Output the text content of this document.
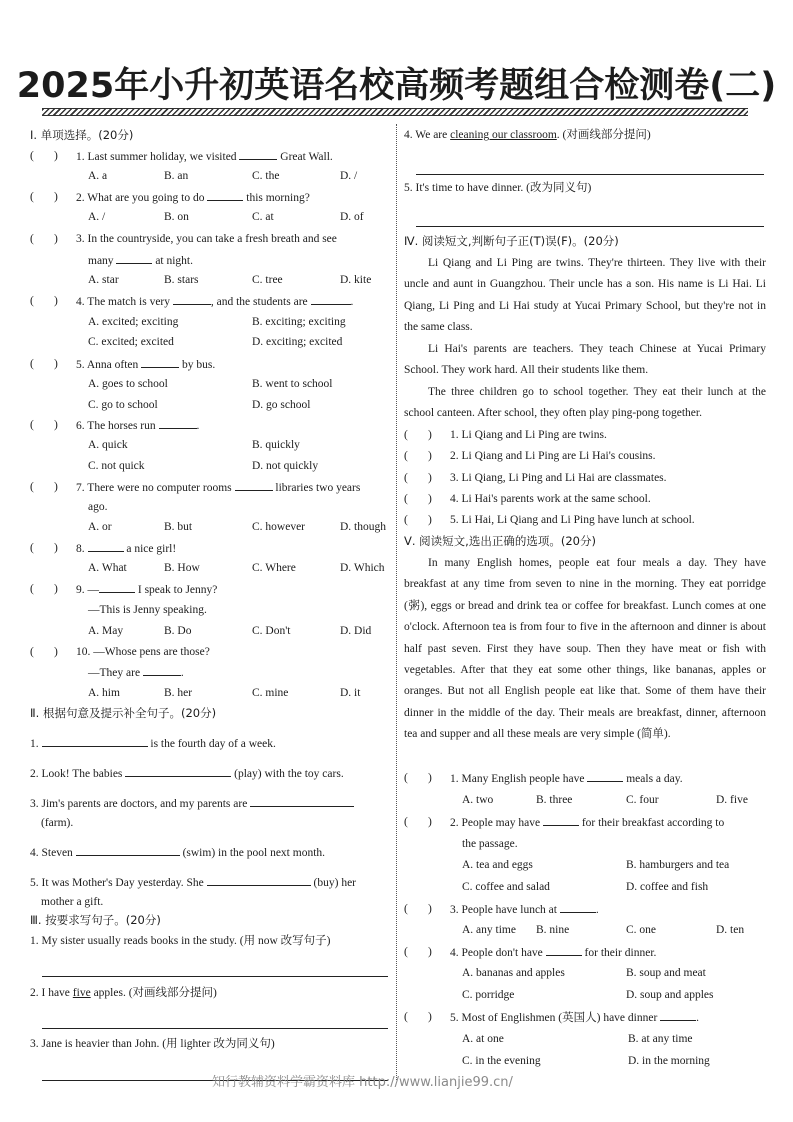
2025年小升初英语名校高频考题组合检测卷(二)
Ⅰ. 单项选择。(20分)
(       ) 1. Last summer holiday, we visited	Great Wall.
A. a	B. an	C. the	D. /
(       ) 2. What are you going to do	this morning?
A. /	B. on	C. at	D. of
(       ) 3. In the countryside, you can take a fresh breath and see
many	at night.
A. star	B. stars	C. tree	D. kite
(       ) 4. The match is very	, and the students are	.
A. excited; exciting	B. exciting; exciting
C. excited; excited	D. exciting; excited
(       ) 5. Anna often	by bus.
A. goes to school	B. went to school
C. go to school	D. go school
(       ) 6. The horses run	.
A. quick	B. quickly
C. not quick	D. not quickly
(       ) 7. There were no computer rooms	libraries two years
ago.
A. or	B. but	C. however	D. though
(       ) 8.	a nice girl!
A. What	B. How	C. Where	D. Which
(       ) 9. —	I speak to Jenny?
—This is Jenny speaking.
A. May	B. Do	C. Don't	D. Did
(       ) 10. —Whose pens are those?
—They are	.
A. him	B. her	C. mine	D. it
Ⅱ. 根据句意及提示补全句子。(20分)
1.	is the fourth day of a week.
2. Look! The babies	(play) with the toy cars.
3. Jim's parents are doctors, and my parents are
(farm).
4. Steven	(swim) in the pool next month.
5. It was Mother's Day yesterday. She	(buy) her
mother a gift.
Ⅲ. 按要求写句子。(20分)
1. My sister usually reads books in the study. (用 now 改写句子)
2. I have five apples. (对画线部分提问)
3. Jane is heavier than John. (用 lighter 改为同义句)
4. We are cleaning our classroom. (对画线部分提问)
5. It's time to have dinner. (改为同义句)
Ⅳ. 阅读短文,判断句子正(T)误(F)。(20分)
Li Qiang and Li Ping are twins. They're thirteen. They live with their uncle and aunt in Guangzhou. Their uncle has a son. His name is Li Hai. Li Qiang, Li Ping and Li Hai study at Yucai Primary School, but they're not in the same class.
Li Hai's parents are teachers. They teach Chinese at Yucai Primary School. They work hard. All their students like them.
The three children go to school together. They eat their lunch at the school canteen. After school, they often play ping-pong together.
(       ) 1. Li Qiang and Li Ping are twins.
(       ) 2. Li Qiang and Li Ping are Li Hai's cousins.
(       ) 3. Li Qiang, Li Ping and Li Hai are classmates.
(       ) 4. Li Hai's parents work at the same school.
(       ) 5. Li Hai, Li Qiang and Li Ping have lunch at school.
Ⅴ. 阅读短文,选出正确的选项。(20分)
In many English homes, people eat four meals a day. They have breakfast at any time from seven to nine in the morning. They eat porridge (粥), eggs or bread and drink tea or coffee for breakfast. Lunch comes at one o'clock. Afternoon tea is from four to five in the afternoon and dinner is about half past seven. First they have soup. Then they have meat or fish with vegetables. After that they eat some other things, like bananas, apples or oranges. But not all English people eat like that. Some of them have their dinner in the middle of the day. Their meals are breakfast, dinner, afternoon tea and supper and all these meals are very simple (简单).
(       ) 1. Many English people have	meals a day.
A. two	B. three	C. four	D. five
(       ) 2. People may have	for their breakfast according to
the passage.
A. tea and eggs	B. hamburgers and tea
C. coffee and salad	D. coffee and fish
(       ) 3. People have lunch at	.
A. any time B. nine	C. one	D. ten
(       ) 4. People don't have	for their dinner.
A. bananas and apples	B. soup and meat
C. porridge	D. soup and apples
(       ) 5. Most of Englishmen (英国人) have dinner	.
A. at one	B. at any time
C. in the evening	D. in the morning
知行教辅资料学霸资料库 http://www.lianjie99.cn/
